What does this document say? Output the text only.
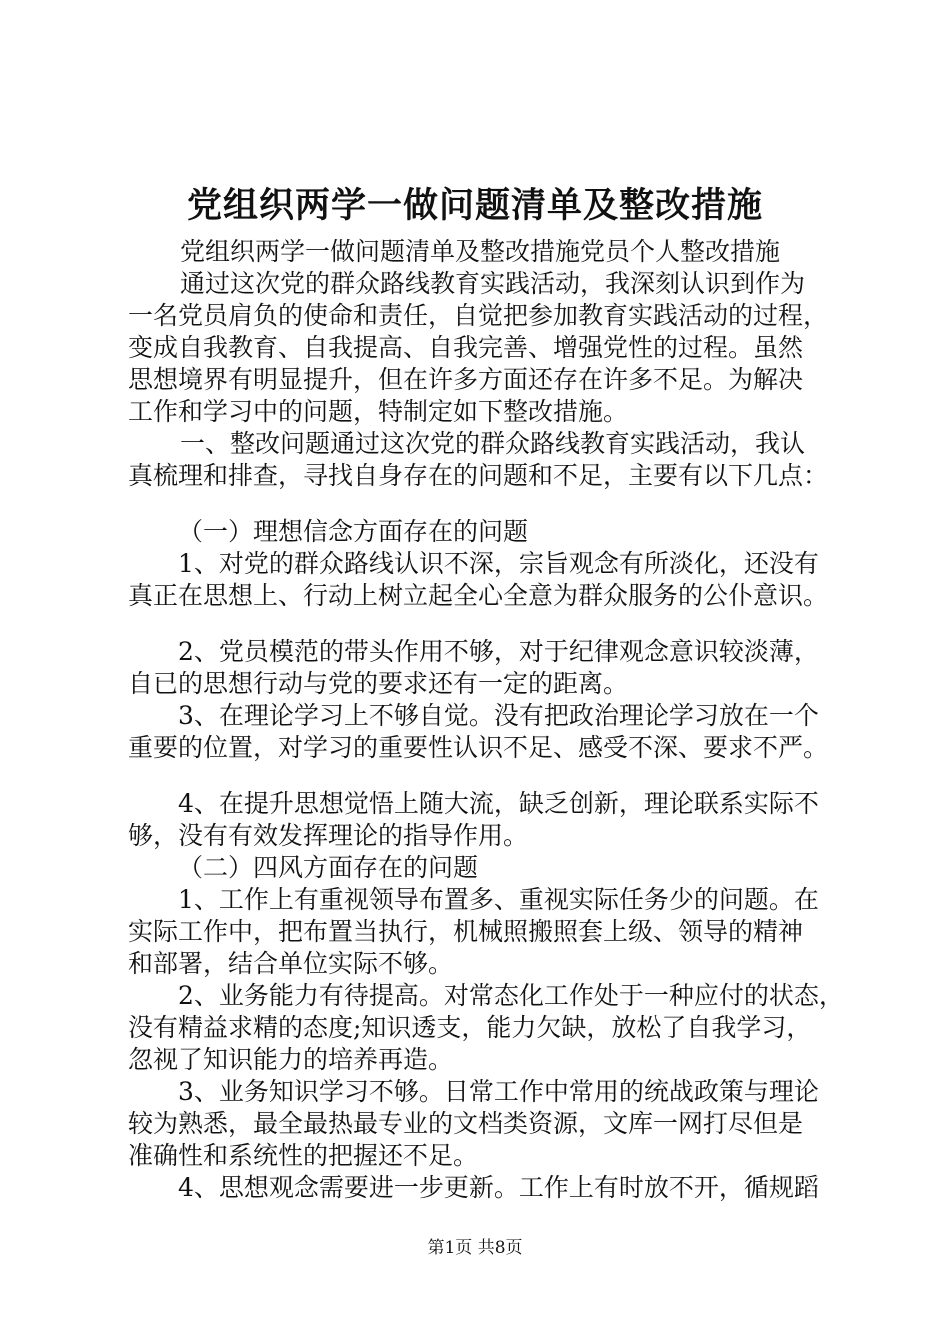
党组织两学一做问题清单及整改措施
党组织两学一做问题清单及整改措施党员个人整改措施
通过这次党的群众路线教育实践活动，我深刻认识到作为
一名党员肩负的使命和责任，自觉把参加教育实践活动的过程，
变成自我教育、自我提高、自我完善、增强党性的过程。虽然
思想境界有明显提升，但在许多方面还存在许多不足。为解决
工作和学习中的问题，特制定如下整改措施。
一、整改问题通过这次党的群众路线教育实践活动，我认
真梳理和排查，寻找自身存在的问题和不足，主要有以下几点：
（一）理想信念方面存在的问题
1、对党的群众路线认识不深，宗旨观念有所淡化，还没有
真正在思想上、行动上树立起全心全意为群众服务的公仆意识。
2、党员模范的带头作用不够，对于纪律观念意识较淡薄，
自已的思想行动与党的要求还有一定的距离。
3、在理论学习上不够自觉。没有把政治理论学习放在一个
重要的位置，对学习的重要性认识不足、感受不深、要求不严。
4、在提升思想觉悟上随大流，缺乏创新，理论联系实际不
够，没有有效发挥理论的指导作用。
（二）四风方面存在的问题
1、工作上有重视领导布置多、重视实际任务少的问题。在
实际工作中，把布置当执行，机械照搬照套上级、领导的精神
和部署，结合单位实际不够。
2、业务能力有待提高。对常态化工作处于一种应付的状态，
没有精益求精的态度;知识透支，能力欠缺，放松了自我学习，
忽视了知识能力的培养再造。
3、业务知识学习不够。日常工作中常用的统战政策与理论
较为熟悉，最全最热最专业的文档类资源，文库一网打尽但是
准确性和系统性的把握还不足。
4、思想观念需要进一步更新。工作上有时放不开，循规蹈
第1页 共8页
